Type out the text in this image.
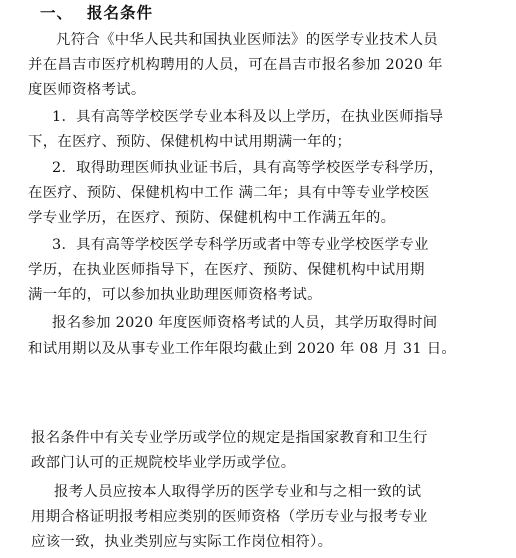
一、 报名条件
凡符合《中华人民共和国执业医师法》的医学专业技术人员
并在昌吉市医疗机构聘用的人员，可在昌吉市报名参加 2020 年
度医师资格考试。
1．具有高等学校医学专业本科及以上学历，在执业医师指导
下，在医疗、预防、保健机构中试用期满一年的；
2．取得助理医师执业证书后，具有高等学校医学专科学历，
在医疗、预防、保健机构中工作 满二年；具有中等专业学校医
学专业学历，在医疗、预防、保健机构中工作满五年的。
3．具有高等学校医学专科学历或者中等专业学校医学专业
学历，在执业医师指导下，在医疗、预防、保健机构中试用期
满一年的，可以参加执业助理医师资格考试。
报名参加 2020 年度医师资格考试的人员，其学历取得时间
和试用期以及从事专业工作年限均截止到 2020 年 08 月 31 日。
报名条件中有关专业学历或学位的规定是指国家教育和卫生行
政部门认可的正规院校毕业学历或学位。
报考人员应按本人取得学历的医学专业和与之相一致的试
用期合格证明报考相应类别的医师资格（学历专业与报考专业
应该一致，执业类别应与实际工作岗位相符）。
